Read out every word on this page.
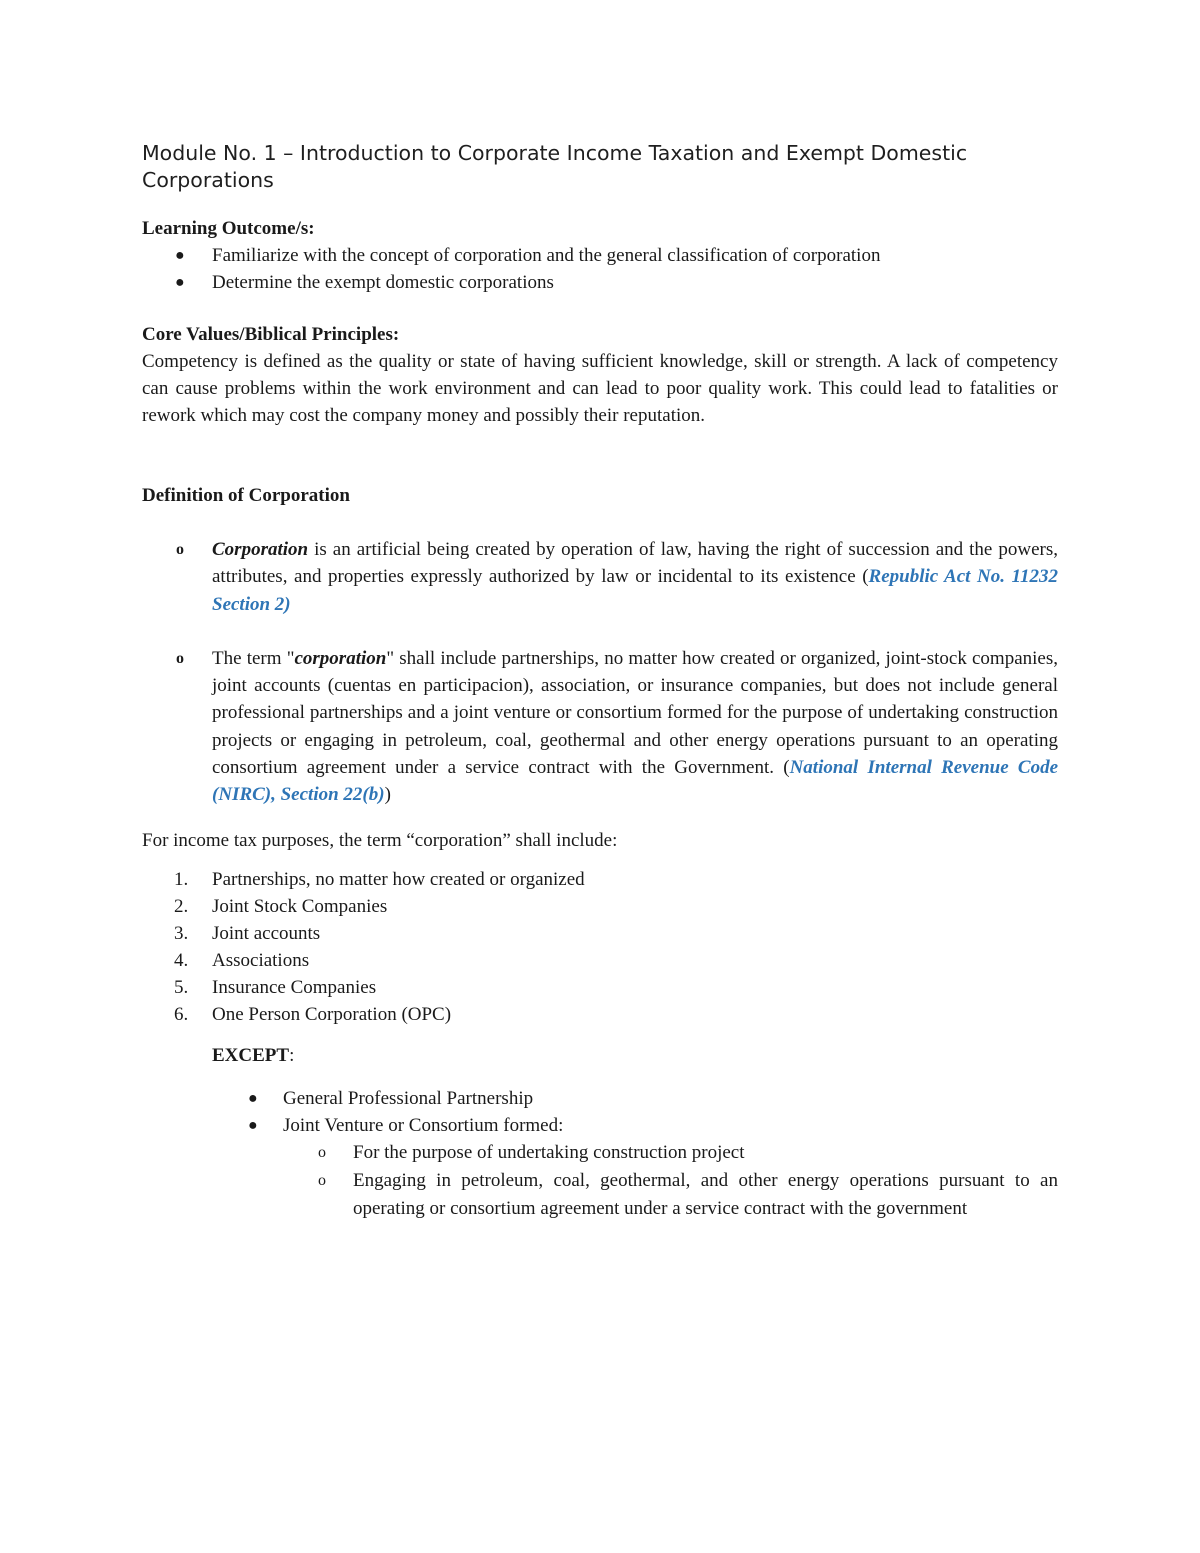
Module No. 1 – Introduction to Corporate Income Taxation and Exempt Domestic Corporations

Learning Outcome/s:

● Familiarize with the concept of corporation and the general classification of corporation
● Determine the exempt domestic corporations

Core Values/Biblical Principles:

Competency is defined as the quality or state of having sufficient knowledge, skill or strength. A lack of competency can cause problems within the work environment and can lead to poor quality work. This could lead to fatalities or rework which may cost the company money and possibly their reputation.

Definition of Corporation

o Corporation is an artificial being created by operation of law, having the right of succession and the powers, attributes, and properties expressly authorized by law or incidental to its existence (Republic Act No. 11232 Section 2)
o The term "corporation" shall include partnerships, no matter how created or organized, joint-stock companies, joint accounts (cuentas en participacion), association, or insurance companies, but does not include general professional partnerships and a joint venture or consortium formed for the purpose of undertaking construction projects or engaging in petroleum, coal, geothermal and other energy operations pursuant to an operating consortium agreement under a service contract with the Government. (National Internal Revenue Code (NIRC), Section 22(b))

For income tax purposes, the term “corporation” shall include:

1. Partnerships, no matter how created or organized
2. Joint Stock Companies
3. Joint accounts
4. Associations
5. Insurance Companies
6. One Person Corporation (OPC)

EXCEPT:

● General Professional Partnership
● Joint Venture or Consortium formed:
o For the purpose of undertaking construction project
o Engaging in petroleum, coal, geothermal, and other energy operations pursuant to an operating or consortium agreement under a service contract with the government
